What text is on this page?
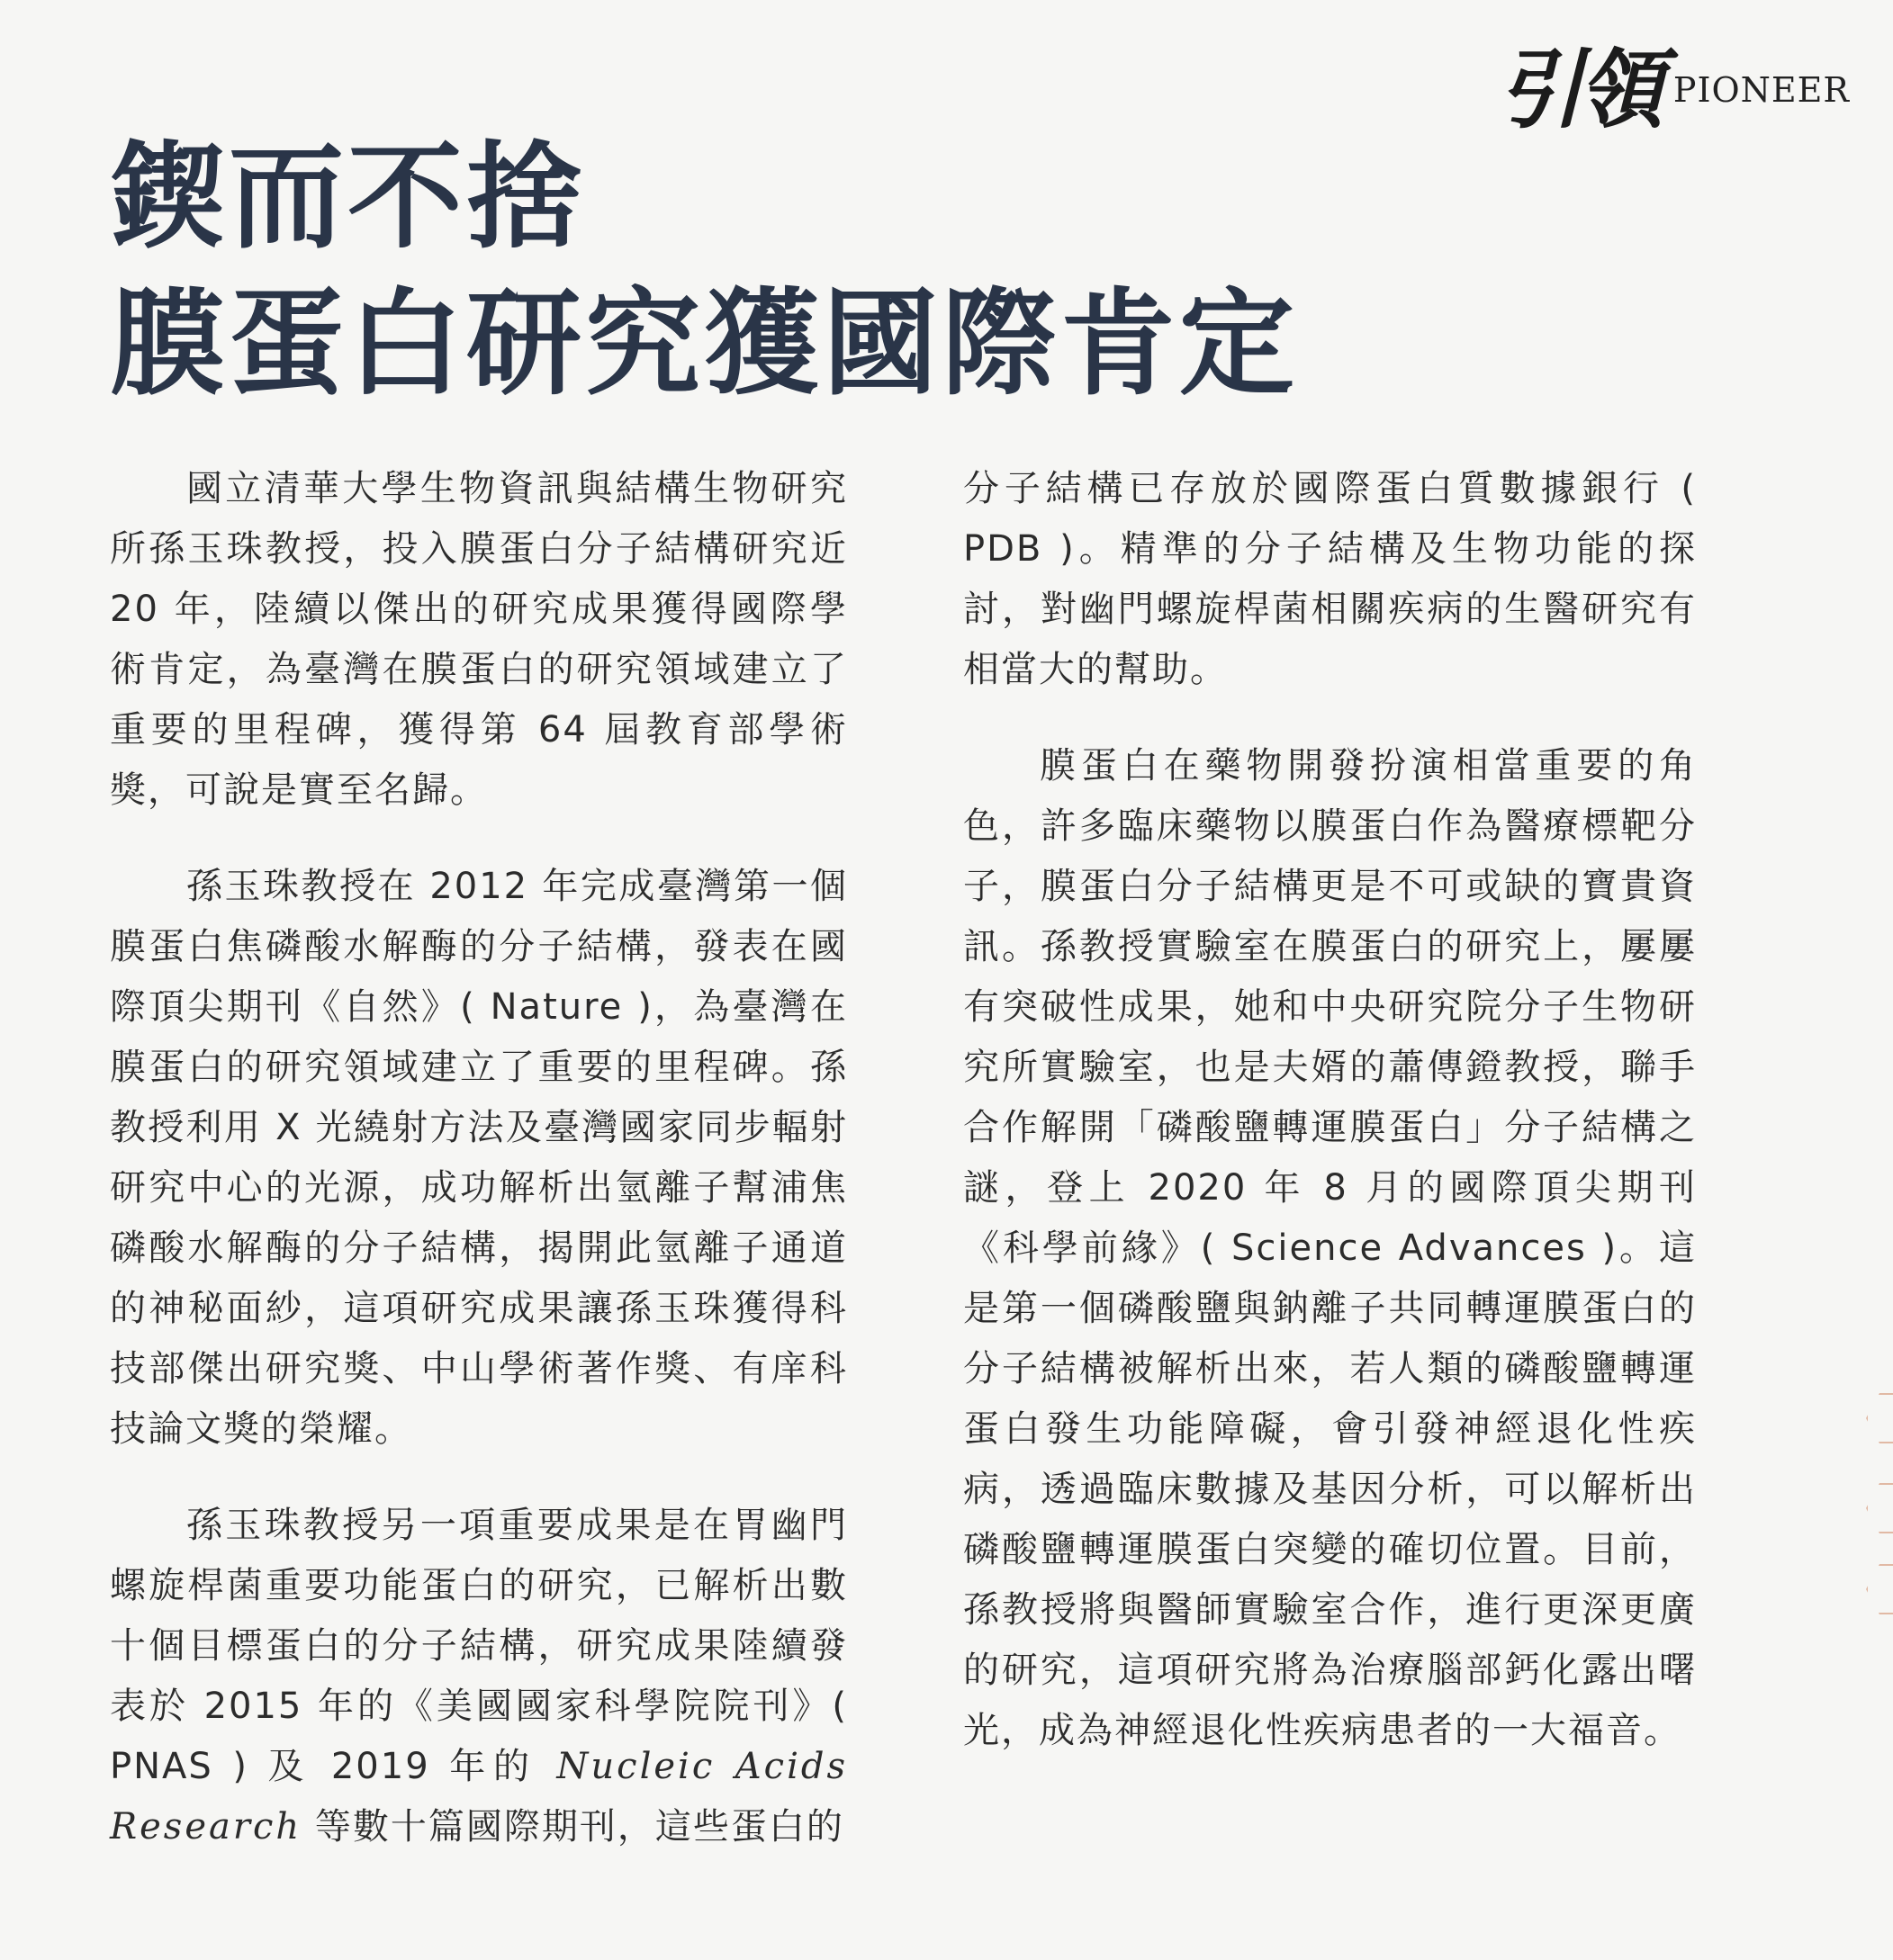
引領 PIONEER
鍥而不捨
膜蛋白研究獲國際肯定

國立清華大學生物資訊與結構生物研究所孫玉珠教授，投入膜蛋白分子結構研究近 20 年，陸續以傑出的研究成果獲得國際學術肯定，為臺灣在膜蛋白的研究領域建立了重要的里程碑，獲得第 64 屆教育部學術獎，可說是實至名歸。

孫玉珠教授在 2012 年完成臺灣第一個膜蛋白焦磷酸水解酶的分子結構，發表在國際頂尖期刊《自然》( Nature )，為臺灣在膜蛋白的研究領域建立了重要的里程碑。孫教授利用 X 光繞射方法及臺灣國家同步輻射研究中心的光源，成功解析出氫離子幫浦焦磷酸水解酶的分子結構，揭開此氫離子通道的神秘面紗，這項研究成果讓孫玉珠獲得科技部傑出研究獎、中山學術著作獎、有庠科技論文獎的榮耀。

孫玉珠教授另一項重要成果是在胃幽門螺旋桿菌重要功能蛋白的研究，已解析出數十個目標蛋白的分子結構，研究成果陸續發表於 2015 年的《美國國家科學院院刊》( PNAS ) 及 2019 年的 Nucleic Acids Research 等數十篇國際期刊，這些蛋白的

分子結構已存放於國際蛋白質數據銀行 ( PDB )。精準的分子結構及生物功能的探討，對幽門螺旋桿菌相關疾病的生醫研究有相當大的幫助。

膜蛋白在藥物開發扮演相當重要的角色，許多臨床藥物以膜蛋白作為醫療標靶分子，膜蛋白分子結構更是不可或缺的寶貴資訊。孫教授實驗室在膜蛋白的研究上，屢屢有突破性成果，她和中央研究院分子生物研究所實驗室，也是夫婿的蕭傳鐙教授，聯手合作解開「磷酸鹽轉運膜蛋白」分子結構之謎，登上 2020 年 8 月的國際頂尖期刊《科學前緣》( Science Advances )。這是第一個磷酸鹽與鈉離子共同轉運膜蛋白的分子結構被解析出來，若人類的磷酸鹽轉運蛋白發生功能障礙，會引發神經退化性疾病，透過臨床數據及基因分析，可以解析出磷酸鹽轉運膜蛋白突變的確切位置。目前，孫教授將與醫師實驗室合作，進行更深更廣的研究，這項研究將為治療腦部鈣化露出曙光，成為神經退化性疾病患者的一大福音。
